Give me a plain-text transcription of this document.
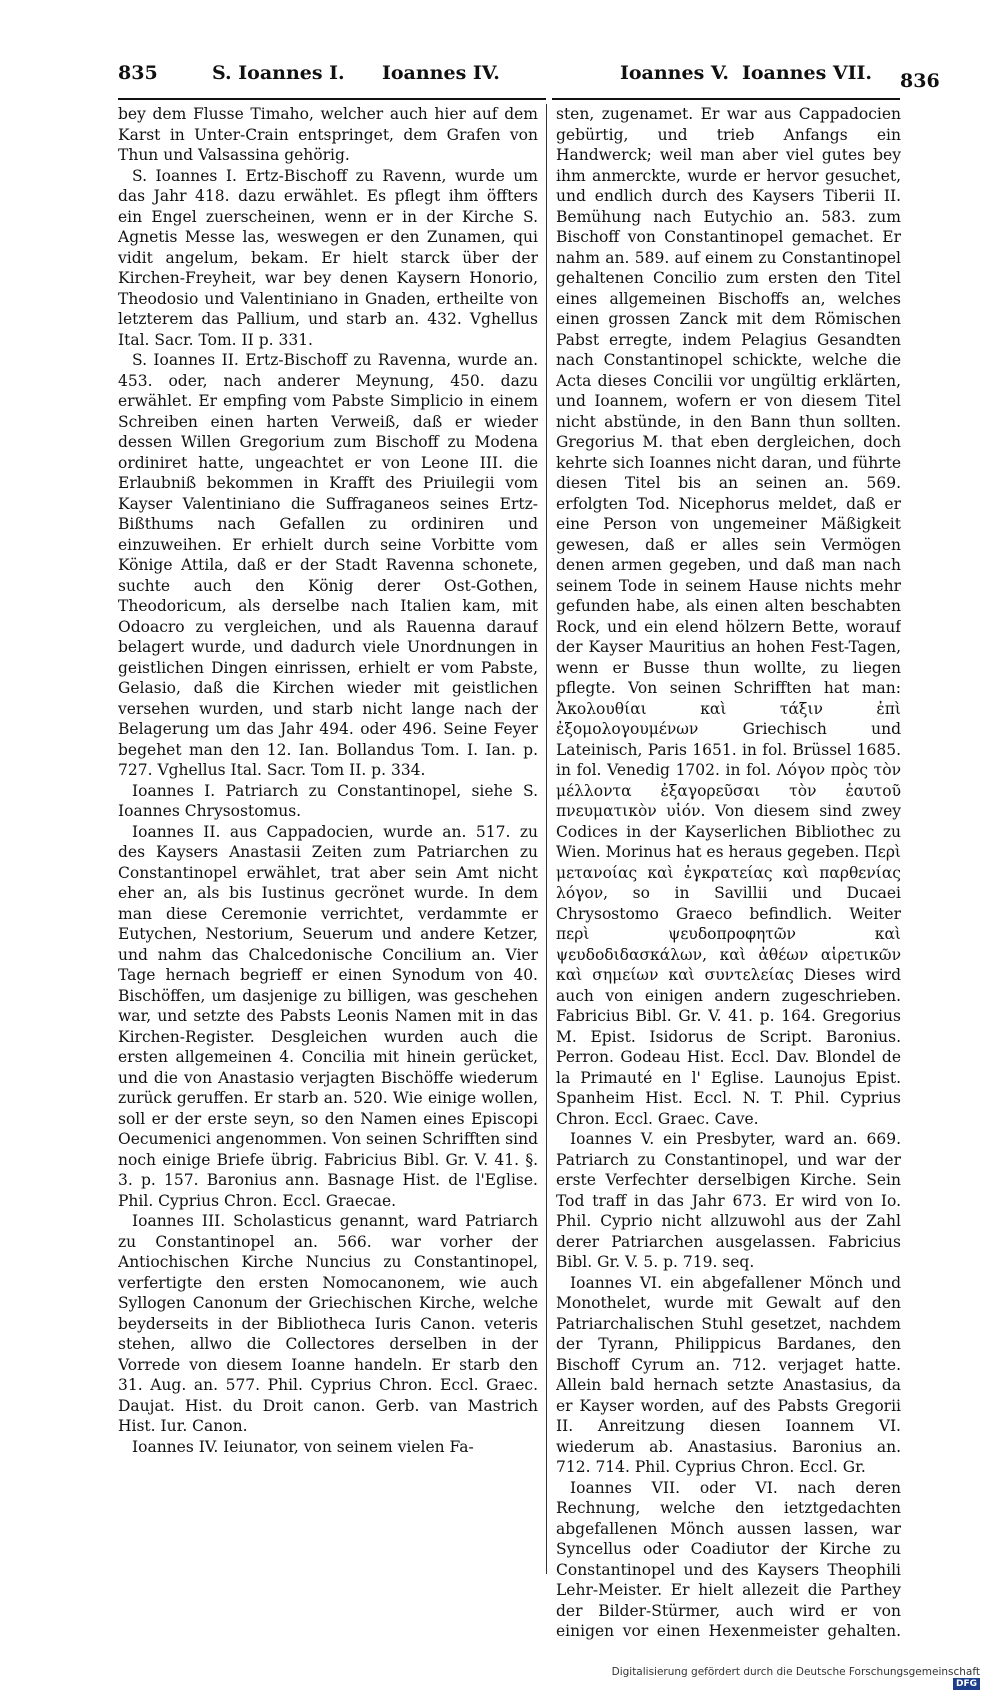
835	S. Ioannes I. Ioannes IV.	Ioannes V. Ioannes VII. 836

bey dem Flusse Timaho, welcher auch hier auf dem Karst in Unter-Crain entspringet, dem Grafen von Thun und Valsassina gehörig.

S. Ioannes I. Ertz-Bischoff zu Ravenn, wurde um das Jahr 418. dazu erwählet. Es pflegt ihm öffters ein Engel zuerscheinen, wenn er in der Kirche S. Agnetis Messe las, weswegen er den Zunamen, qui vidit angelum, bekam. Er hielt starck über der Kirchen-Freyheit, war bey denen Kaysern Honorio, Theodosio und Valentiniano in Gnaden, ertheilte von letzterem das Pallium, und starb an. 432. Vghellus Ital. Sacr. Tom. II p. 331.

S. Ioannes II. Ertz-Bischoff zu Ravenna, wurde an. 453. oder, nach anderer Meynung, 450. dazu erwählet. Er empfing vom Pabste Simplicio in einem Schreiben einen harten Verweiß, daß er wieder dessen Willen Gregorium zum Bischoff zu Modena ordiniret hatte, ungeachtet er von Leone III. die Erlaubniß bekommen in Krafft des Priuilegii vom Kayser Valentiniano die Suffraganeos seines Ertz-Bißthums nach Gefallen zu ordiniren und einzuweihen. Er erhielt durch seine Vorbitte vom Könige Attila, daß er der Stadt Ravenna schonete, suchte auch den König derer Ost-Gothen, Theodoricum, als derselbe nach Italien kam, mit Odoacro zu vergleichen, und als Rauenna darauf belagert wurde, und dadurch viele Unordnungen in geistlichen Dingen einrissen, erhielt er vom Pabste, Gelasio, daß die Kirchen wieder mit geistlichen versehen wurden, und starb nicht lange nach der Belagerung um das Jahr 494. oder 496. Seine Feyer begehet man den 12. Ian. Bollandus Tom. I. Ian. p. 727. Vghellus Ital. Sacr. Tom II. p. 334.

Ioannes I. Patriarch zu Constantinopel, siehe S. Ioannes Chrysostomus.

Ioannes II. aus Cappadocien, wurde an. 517. zu des Kaysers Anastasii Zeiten zum Patriarchen zu Constantinopel erwählet, trat aber sein Amt nicht eher an, als bis Iustinus gecrönet wurde. In dem man diese Ceremonie verrichtet, verdammte er Eutychen, Nestorium, Seuerum und andere Ketzer, und nahm das Chalcedonische Concilium an. Vier Tage hernach begrieff er einen Synodum von 40. Bischöffen, um dasjenige zu billigen, was geschehen war, und setzte des Pabsts Leonis Namen mit in das Kirchen-Register. Desgleichen wurden auch die ersten allgemeinen 4. Concilia mit hinein gerücket, und die von Anastasio verjagten Bischöffe wiederum zurück geruffen. Er starb an. 520. Wie einige wollen, soll er der erste seyn, so den Namen eines Episcopi Oecumenici angenommen. Von seinen Schrifften sind noch einige Briefe übrig. Fabricius Bibl. Gr. V. 41. §. 3. p. 157. Baronius ann. Basnage Hist. de l'Eglise. Phil. Cyprius Chron. Eccl. Graecae.

Ioannes III. Scholasticus genannt, ward Patriarch zu Constantinopel an. 566. war vorher der Antiochischen Kirche Nuncius zu Constantinopel, verfertigte den ersten Nomocanonem, wie auch Syllogen Canonum der Griechischen Kirche, welche beyderseits in der Bibliotheca Iuris Canon. veteris stehen, allwo die Collectores derselben in der Vorrede von diesem Ioanne handeln. Er starb den 31. Aug. an. 577. Phil. Cyprius Chron. Eccl. Graec. Daujat. Hist. du Droit canon. Gerb. van Mastrich Hist. Iur. Canon.

Ioannes IV. Ieiunator, von seinem vielen Fa-

sten, zugenamet. Er war aus Cappadocien gebürtig, und trieb Anfangs ein Handwerck; weil man aber viel gutes bey ihm anmerckte, wurde er hervor gesuchet, und endlich durch des Kaysers Tiberii II. Bemühung nach Eutychio an. 583. zum Bischoff von Constantinopel gemachet. Er nahm an. 589. auf einem zu Constantinopel gehaltenen Concilio zum ersten den Titel eines allgemeinen Bischoffs an, welches einen grossen Zanck mit dem Römischen Pabst erregte, indem Pelagius Gesandten nach Constantinopel schickte, welche die Acta dieses Concilii vor ungültig erklärten, und Ioannem, wofern er von diesem Titel nicht abstünde, in den Bann thun sollten. Gregorius M. that eben dergleichen, doch kehrte sich Ioannes nicht daran, und führte diesen Titel bis an seinen an. 569. erfolgten Tod. Nicephorus meldet, daß er eine Person von ungemeiner Mäßigkeit gewesen, daß er alles sein Vermögen denen armen gegeben, und daß man nach seinem Tode in seinem Hause nichts mehr gefunden habe, als einen alten beschabten Rock, und ein elend hölzern Bette, worauf der Kayser Mauritius an hohen Fest-Tagen, wenn er Busse thun wollte, zu liegen pflegte. Von seinen Schrifften hat man: Ἀκολουθίαι καὶ τάξιν ἐπὶ ἐξομολογουμένων Griechisch und Lateinisch, Paris 1651. in fol. Brüssel 1685. in fol. Venedig 1702. in fol. Λόγον πρὸς τὸν μέλλοντα ἐξαγορεῦσαι τὸν ἑαυτοῦ πνευματικὸν υἱόν. Von diesem sind zwey Codices in der Kayserlichen Bibliothec zu Wien. Morinus hat es heraus gegeben. Περὶ μετανοίας καὶ ἐγκρατείας καὶ παρθενίας λόγον, so in Savillii und Ducaei Chrysostomo Graeco befindlich. Weiter περὶ ψευδοπροφητῶν καὶ ψευδοδιδασκάλων, καὶ ἀθέων αἱρετικῶν καὶ σημείων καὶ συντελείας Dieses wird auch von einigen andern zugeschrieben. Fabricius Bibl. Gr. V. 41. p. 164. Gregorius M. Epist. Isidorus de Script. Baronius. Perron. Godeau Hist. Eccl. Dav. Blondel de la Primauté en l' Eglise. Launojus Epist. Spanheim Hist. Eccl. N. T. Phil. Cyprius Chron. Eccl. Graec. Cave.

Ioannes V. ein Presbyter, ward an. 669. Patriarch zu Constantinopel, und war der erste Verfechter derselbigen Kirche. Sein Tod traff in das Jahr 673. Er wird von Io. Phil. Cyprio nicht allzuwohl aus der Zahl derer Patriarchen ausgelassen. Fabricius Bibl. Gr. V. 5. p. 719. seq.

Ioannes VI. ein abgefallener Mönch und Monothelet, wurde mit Gewalt auf den Patriarchalischen Stuhl gesetzet, nachdem der Tyrann, Philippicus Bardanes, den Bischoff Cyrum an. 712. verjaget hatte. Allein bald hernach setzte Anastasius, da er Kayser worden, auf des Pabsts Gregorii II. Anreitzung diesen Ioannem VI. wiederum ab. Anastasius. Baronius an. 712. 714. Phil. Cyprius Chron. Eccl. Gr.

Ioannes VII. oder VI. nach deren Rechnung, welche den ietztgedachten abgefallenen Mönch aussen lassen, war Syncellus oder Coadiutor der Kirche zu Constantinopel und des Kaysers Theophili Lehr-Meister. Er hielt allezeit die Parthey der Bilder-Stürmer, auch wird er von einigen vor einen Hexenmeister gehalten.

Digitalisierung gefördert durch die Deutsche Forschungsgemeinschaft DFG
